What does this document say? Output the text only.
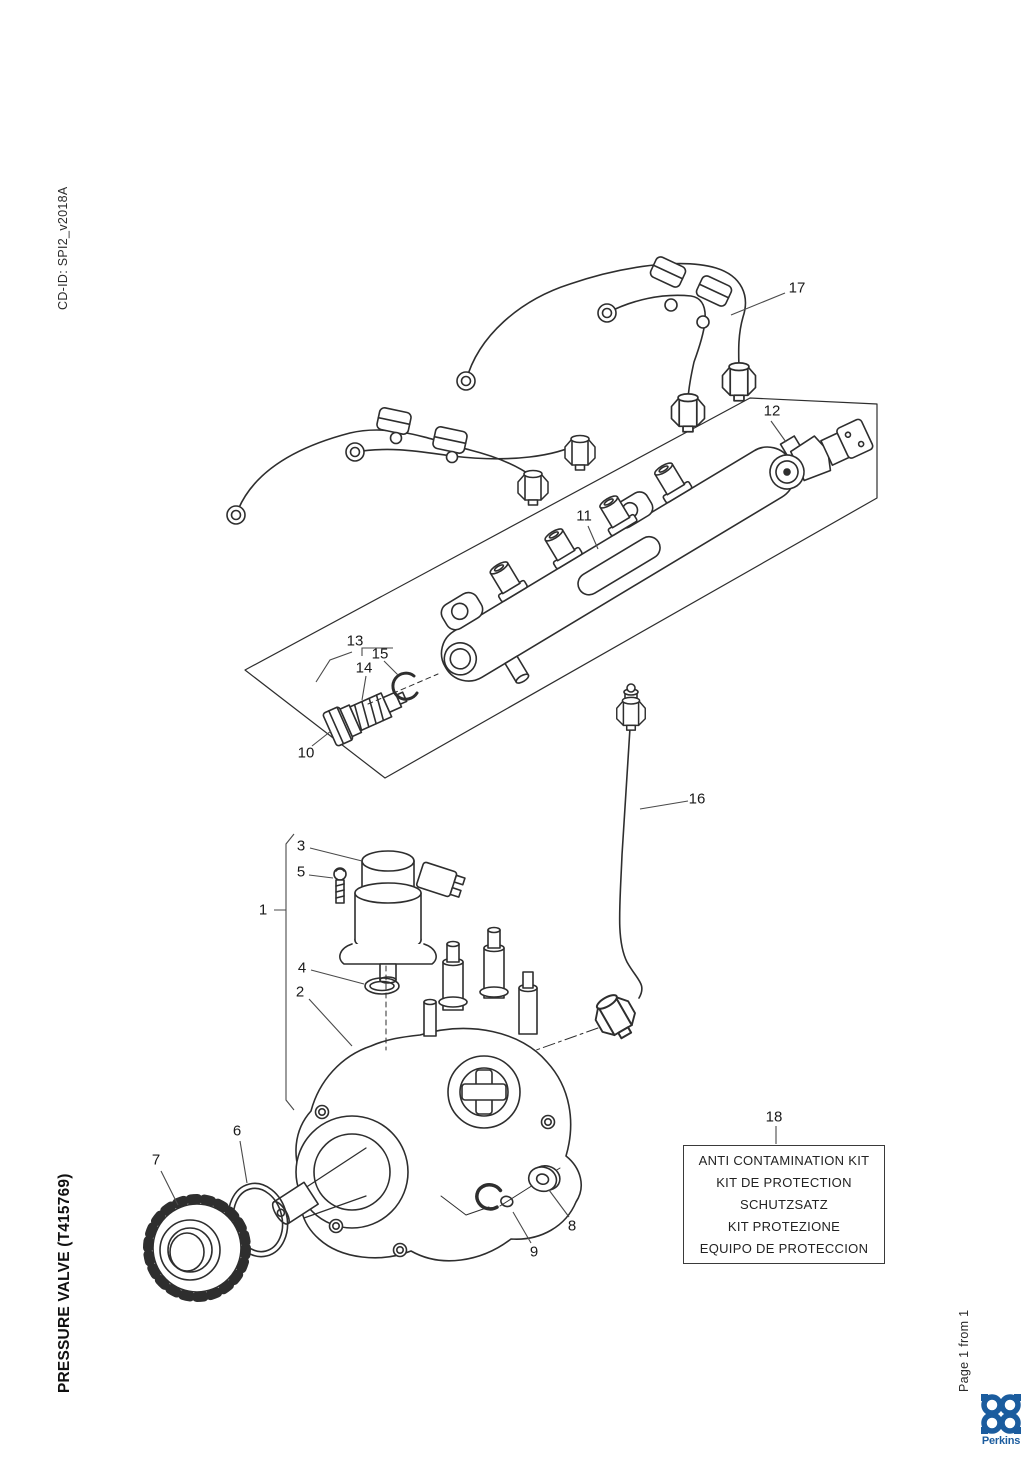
1
2
3
4
5
6
7
8
9
10
11
12
13
14
15
16
17
18
ANTI CONTAMINATION KIT
KIT DE PROTECTION
SCHUTZSATZ
KIT PROTEZIONE
EQUIPO DE PROTECCION
CD-ID: SPI2_v2018A
PRESSURE VALVE (T415769)	Page 1 from 1
Perkins
